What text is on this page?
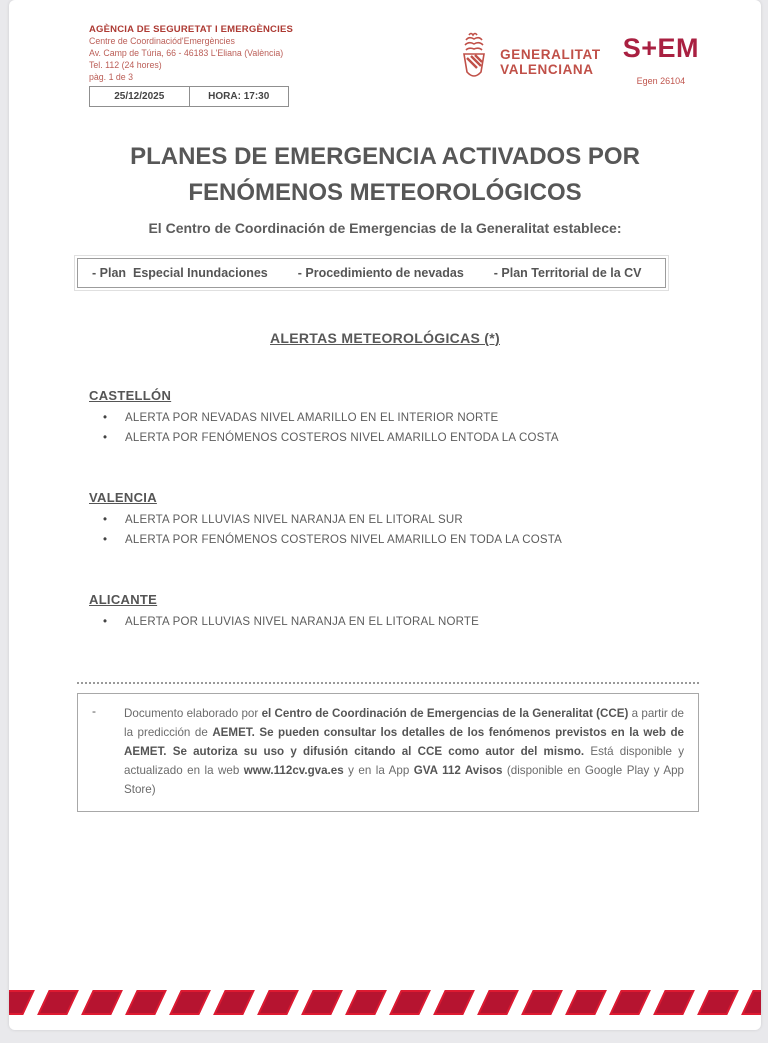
AGÈNCIA DE SEGURETAT I EMERGÈNCIES
Centre de Coordinaciód'Emergències
Av. Camp de Túria, 66 - 46183 L'Eliana (València)
Tel. 112 (24 hores)
pàg. 1 de 3
25/12/2025	HORA: 17:30
GENERALITAT
VALENCIANA
S+EM
Egen 26104
PLANES DE EMERGENCIA ACTIVADOS POR
FENÓMENOS METEOROLÓGICOS
El Centro de Coordinación de Emergencias de la Generalitat establece:
- Plan  Especial Inundaciones - Procedimiento de nevadas - Plan Territorial de la CV
ALERTAS METEOROLÓGICAS (*)
CASTELLÓN
•	ALERTA POR NEVADAS NIVEL AMARILLO EN EL INTERIOR NORTE
•	ALERTA POR FENÓMENOS COSTEROS NIVEL AMARILLO ENTODA LA COSTA
VALENCIA
•	ALERTA POR LLUVIAS NIVEL NARANJA EN EL LITORAL SUR
•	ALERTA POR FENÓMENOS COSTEROS NIVEL AMARILLO EN TODA LA COSTA
ALICANTE
•	ALERTA POR LLUVIAS NIVEL NARANJA EN EL LITORAL NORTE
-	Documento elaborado por el Centro de Coordinación de Emergencias de la Generalitat (CCE) a partir de la predicción de AEMET. Se pueden consultar los detalles de los fenómenos previstos en la web de AEMET. Se autoriza su uso y difusión citando al CCE como autor del mismo. Está disponible y actualizado en la web www.112cv.gva.es y en la App GVA 112 Avisos (disponible en Google Play y App Store)
